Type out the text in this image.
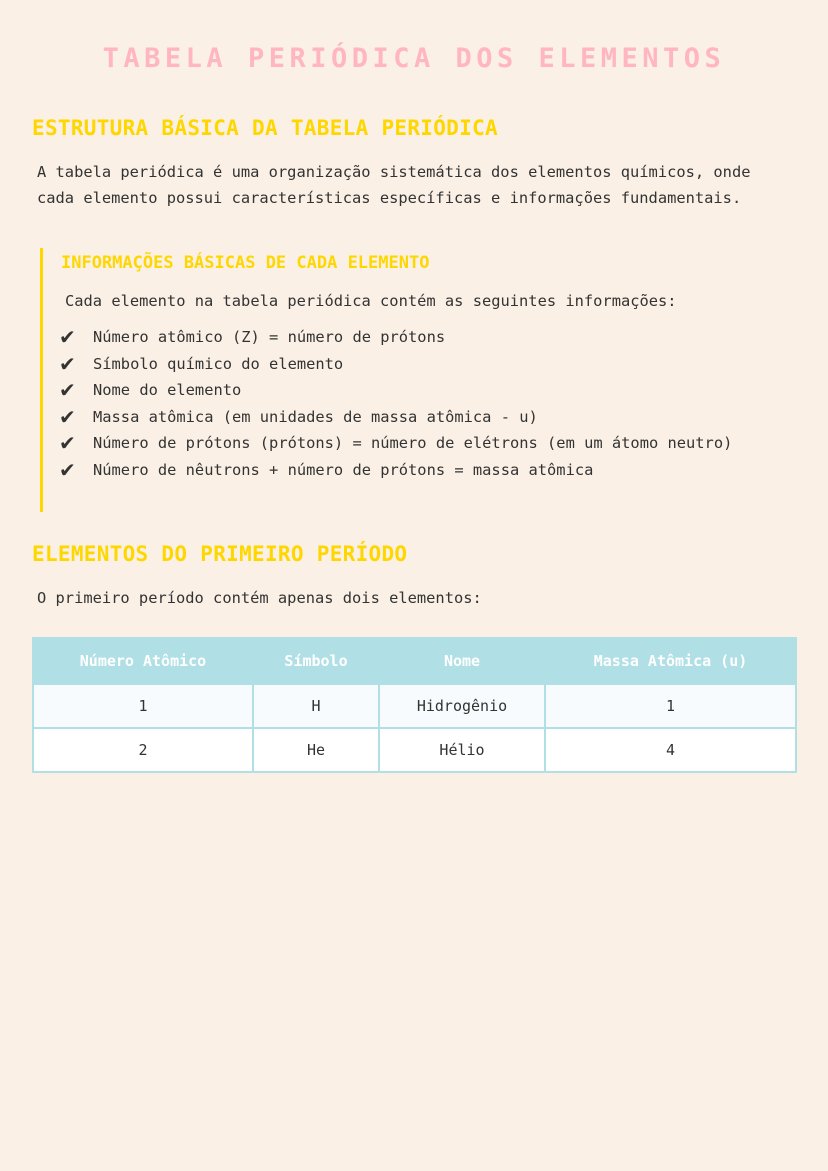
TABELA PERIÓDICA DOS ELEMENTOS
ESTRUTURA BÁSICA DA TABELA PERIÓDICA

A tabela periódica é uma organização sistemática dos elementos químicos, onde cada elemento possui características específicas e informações fundamentais.

INFORMAÇÕES BÁSICAS DE CADA ELEMENTO

Cada elemento na tabela periódica contém as seguintes informações:

✔	Número atômico (Z) = número de prótons
✔	Símbolo químico do elemento
✔	Nome do elemento
✔	Massa atômica (em unidades de massa atômica - u)
✔	Número de prótons (prótons) = número de elétrons (em um átomo neutro)
✔	Número de nêutrons + número de prótons = massa atômica
ELEMENTOS DO PRIMEIRO PERÍODO

O primeiro período contém apenas dois elementos:

Número Atômico	Símbolo	Nome	Massa Atômica (u)
1	H	Hidrogênio	1
2	He	Hélio	4
